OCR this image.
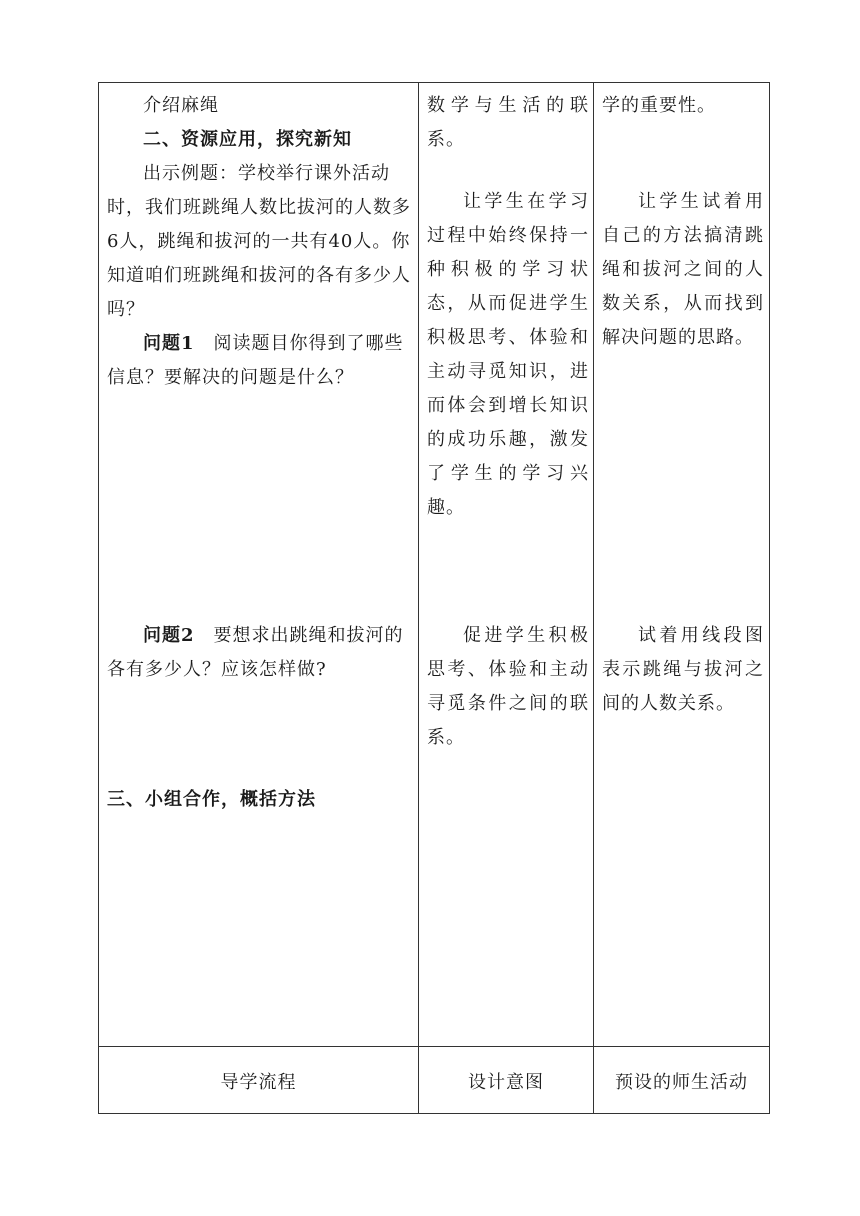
介绍麻绳

二、资源应用，探究新知

出示例题：学校举行课外活动时，我们班跳绳人数比拔河的人数多6人，跳绳和拔河的一共有40人。你知道咱们班跳绳和拔河的各有多少人吗？

问题1　阅读题目你得到了哪些信息？要解决的问题是什么？

问题2　要想求出跳绳和拔河的各有多少人？应该怎样做?

三、小组合作，概括方法

数学与生活的联系。

让学生在学习过程中始终保持一种积极的学习状态，从而促进学生积极思考、体验和主动寻觅知识，进而体会到增长知识的成功乐趣，激发了学生的学习兴趣。

促进学生积极思考、体验和主动寻觅条件之间的联系。

学的重要性。

让学生试着用自己的方法搞清跳绳和拔河之间的人数关系，从而找到解决问题的思路。

试着用线段图表示跳绳与拔河之间的人数关系。

导学流程	设计意图	预设的师生活动
